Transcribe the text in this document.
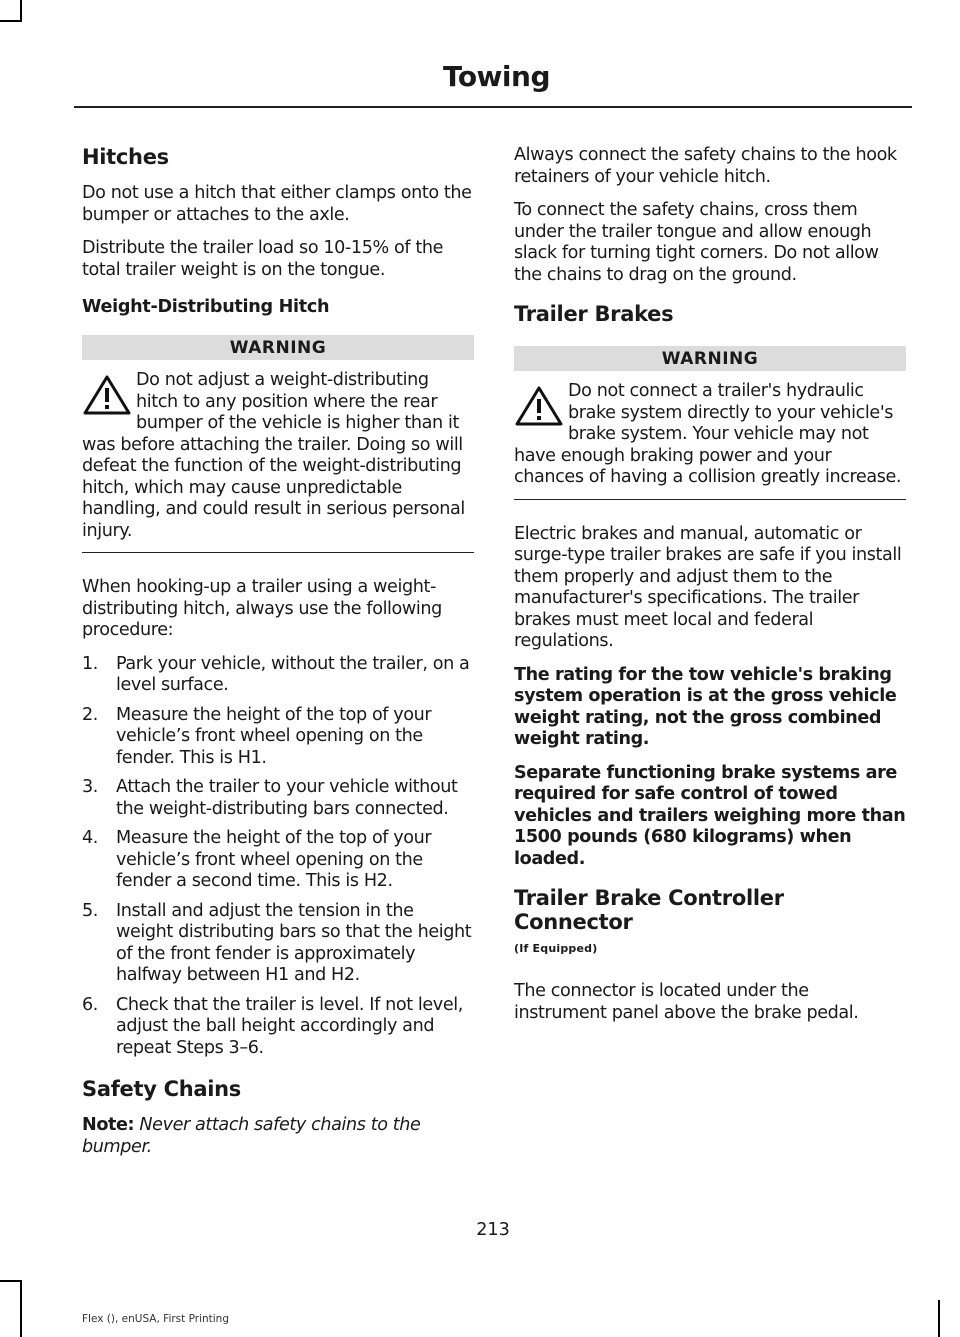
Towing
Hitches

Do not use a hitch that either clamps onto the bumper or attaches to the axle.

Distribute the trailer load so 10-15% of the total trailer weight is on the tongue.

Weight-Distributing Hitch
WARNING
Do not adjust a weight-distributing hitch to any position where the rear bumper of the vehicle is higher than it was before attaching the trailer. Doing so will defeat the function of the weight-distributing hitch, which may cause unpredictable handling, and could result in serious personal injury.

When hooking-up a trailer using a weight-distributing hitch, always use the following procedure:

1. Park your vehicle, without the trailer, on a level surface.
2. Measure the height of the top of your vehicle’s front wheel opening on the fender. This is H1.
3. Attach the trailer to your vehicle without the weight-distributing bars connected.
4. Measure the height of the top of your vehicle’s front wheel opening on the fender a second time. This is H2.
5. Install and adjust the tension in the weight distributing bars so that the height of the front fender is approximately halfway between H1 and H2.
6. Check that the trailer is level. If not level, adjust the ball height accordingly and repeat Steps 3–6.
Safety Chains

Note: Never attach safety chains to the bumper.

Always connect the safety chains to the hook retainers of your vehicle hitch.

To connect the safety chains, cross them under the trailer tongue and allow enough slack for turning tight corners. Do not allow the chains to drag on the ground.

Trailer Brakes
WARNING
Do not connect a trailer's hydraulic brake system directly to your vehicle's brake system. Your vehicle may not have enough braking power and your chances of having a collision greatly increase.

Electric brakes and manual, automatic or surge-type trailer brakes are safe if you install them properly and adjust them to the manufacturer's specifications. The trailer brakes must meet local and federal regulations.

The rating for the tow vehicle's braking system operation is at the gross vehicle weight rating, not the gross combined weight rating.

Separate functioning brake systems are required for safe control of towed vehicles and trailers weighing more than 1500 pounds (680 kilograms) when loaded.

Trailer Brake Controller Connector
(If Equipped)

The connector is located under the instrument panel above the brake pedal.

213
Flex (), enUSA, First Printing
